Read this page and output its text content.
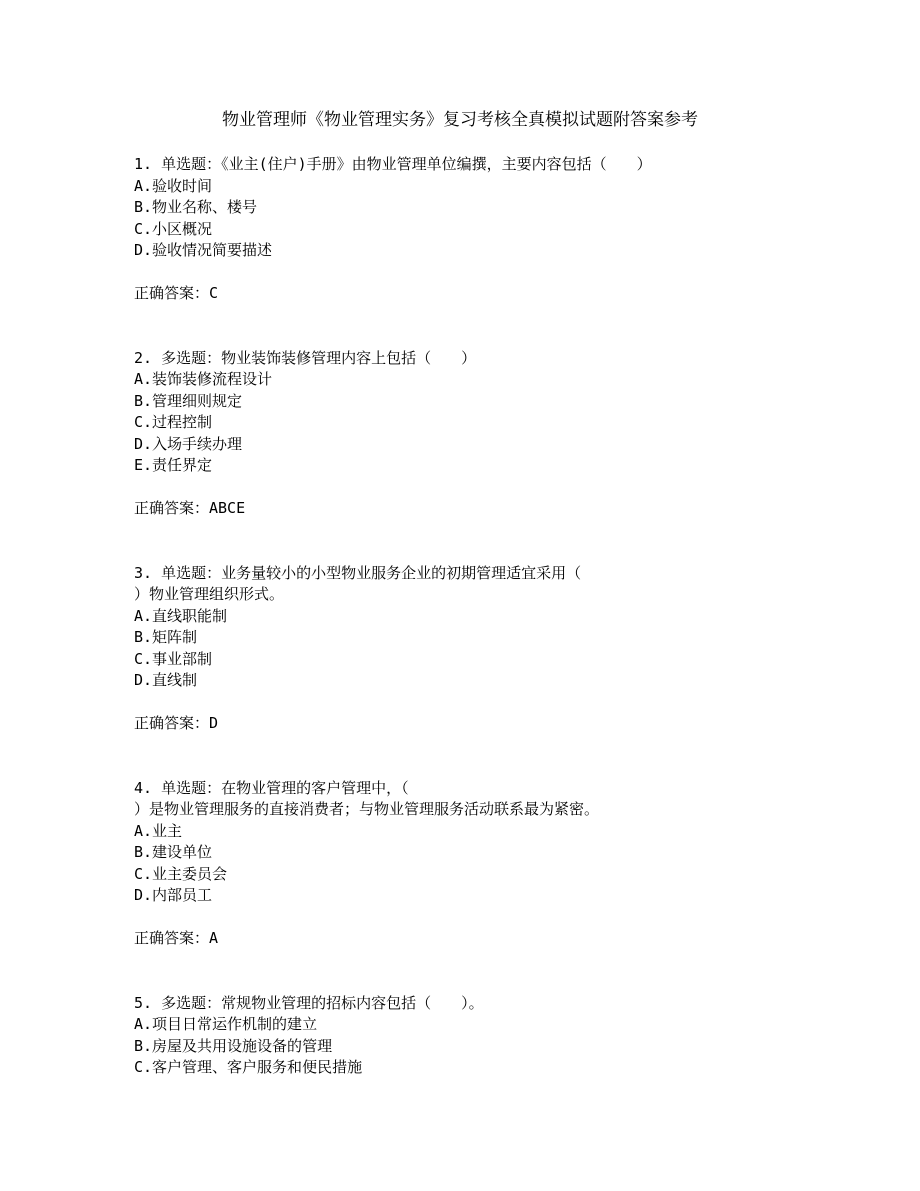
物业管理师《物业管理实务》复习考核全真模拟试题附答案参考
1. 单选题：《业主(住户)手册》由物业管理单位编撰，主要内容包括（　　）
A.验收时间
B.物业名称、楼号
C.小区概况
D.验收情况简要描述
正确答案：C
2. 多选题：物业装饰装修管理内容上包括（　　）
A.装饰装修流程设计
B.管理细则规定
C.过程控制
D.入场手续办理
E.责任界定
正确答案：ABCE
3. 单选题：业务量较小的小型物业服务企业的初期管理适宜采用（
）物业管理组织形式。
A.直线职能制
B.矩阵制
C.事业部制
D.直线制
正确答案：D
4. 单选题：在物业管理的客户管理中，（
）是物业管理服务的直接消费者；与物业管理服务活动联系最为紧密。
A.业主
B.建设单位
C.业主委员会
D.内部员工
正确答案：A
5. 多选题：常规物业管理的招标内容包括（　　）。
A.项目日常运作机制的建立
B.房屋及共用设施设备的管理
C.客户管理、客户服务和便民措施
